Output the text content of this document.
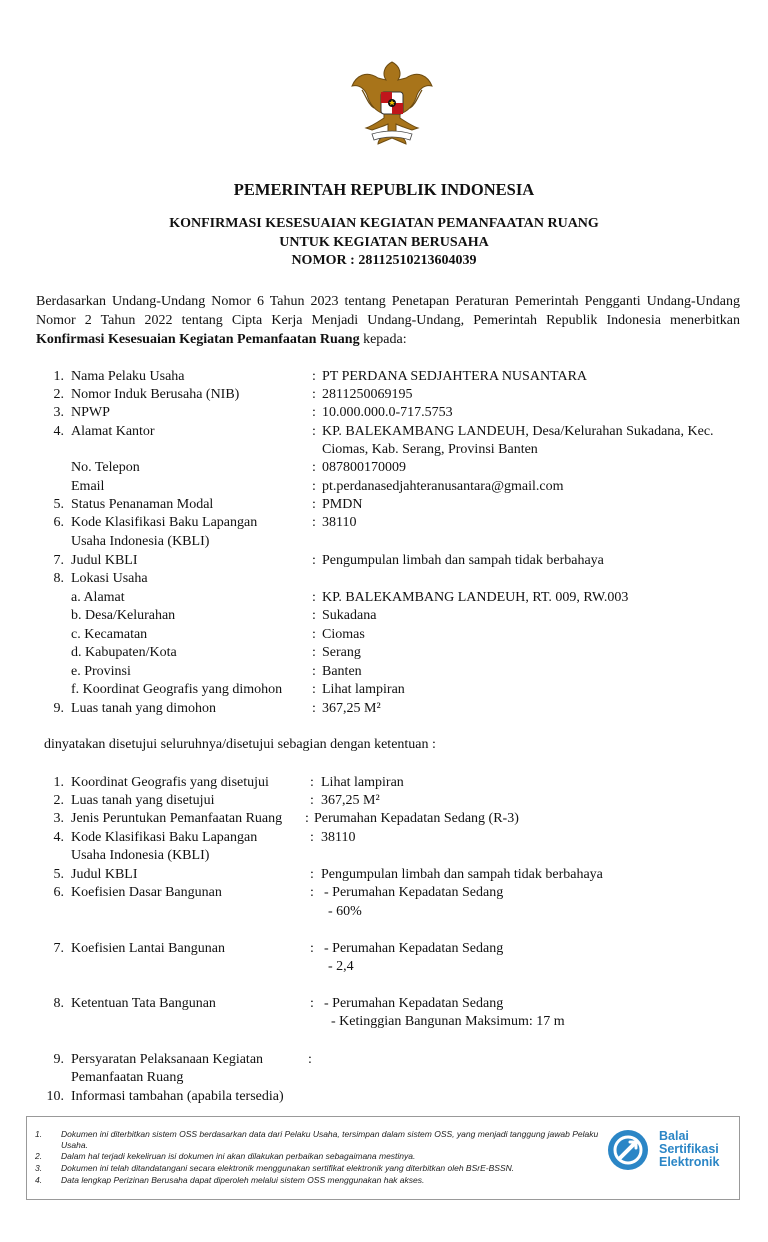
PEMERINTAH REPUBLIK INDONESIA
KONFIRMASI KESESUAIAN KEGIATAN PEMANFAATAN RUANG
UNTUK KEGIATAN BERUSAHA
NOMOR : 28112510213604039
Berdasarkan Undang-Undang Nomor 6 Tahun 2023 tentang Penetapan Peraturan Pemerintah Pengganti Undang-Undang Nomor 2 Tahun 2022 tentang Cipta Kerja Menjadi Undang-Undang, Pemerintah Republik Indonesia menerbitkan Konfirmasi Kesesuaian Kegiatan Pemanfaatan Ruang kepada:
1. Nama Pelaku Usaha	: PT PERDANA SEDJAHTERA NUSANTARA
2. Nomor Induk Berusaha (NIB)	: 2811250069195
3. NPWP	: 10.000.000.0-717.5753
4. Alamat Kantor	: KP. BALEKAMBANG LANDEUH, Desa/Kelurahan Sukadana, Kec.
Ciomas, Kab. Serang, Provinsi Banten
No. Telepon	: 087800170009
Email	: pt.perdanasedjahteranusantara@gmail.com
5. Status Penanaman Modal	: PMDN
6. Kode Klasifikasi Baku Lapangan	: 38110
Usaha Indonesia (KBLI)
7. Judul KBLI	: Pengumpulan limbah dan sampah tidak berbahaya
8. Lokasi Usaha
a. Alamat	: KP. BALEKAMBANG LANDEUH, RT. 009, RW.003
b. Desa/Kelurahan	: Sukadana
c. Kecamatan	: Ciomas
d. Kabupaten/Kota	: Serang
e. Provinsi	: Banten
f. Koordinat Geografis yang dimohon : Lihat lampiran
9. Luas tanah yang dimohon	: 367,25 M²
dinyatakan disetujui seluruhnya/disetujui sebagian dengan ketentuan :
1. Koordinat Geografis yang disetujui	: Lihat lampiran
2. Luas tanah yang disetujui	: 367,25 M²
3. Jenis Peruntukan Pemanfaatan Ruang : Perumahan Kepadatan Sedang (R-3)
4. Kode Klasifikasi Baku Lapangan	: 38110
Usaha Indonesia (KBLI)
5. Judul KBLI	: Pengumpulan limbah dan sampah tidak berbahaya
6. Koefisien Dasar Bangunan	: - Perumahan Kepadatan Sedang
- 60%
7. Koefisien Lantai Bangunan	: - Perumahan Kepadatan Sedang
- 2,4
8. Ketentuan Tata Bangunan	: - Perumahan Kepadatan Sedang
- Ketinggian Bangunan Maksimum: 17 m
9. Persyaratan Pelaksanaan Kegiatan	:
Pemanfaatan Ruang
10. Informasi tambahan (apabila tersedia)
1. Dokumen ini diterbitkan sistem OSS berdasarkan data dari Pelaku Usaha, tersimpan dalam sistem OSS, yang menjadi tanggung jawab Pelaku Usaha.
2. Dalam hal terjadi kekeliruan isi dokumen ini akan dilakukan perbaikan sebagaimana mestinya.
3. Dokumen ini telah ditandatangani secara elektronik menggunakan sertifikat elektronik yang diterbitkan oleh BSrE-BSSN.
4. Data lengkap Perizinan Berusaha dapat diperoleh melalui sistem OSS menggunakan hak akses.
Balai
Sertifikasi
Elektronik
